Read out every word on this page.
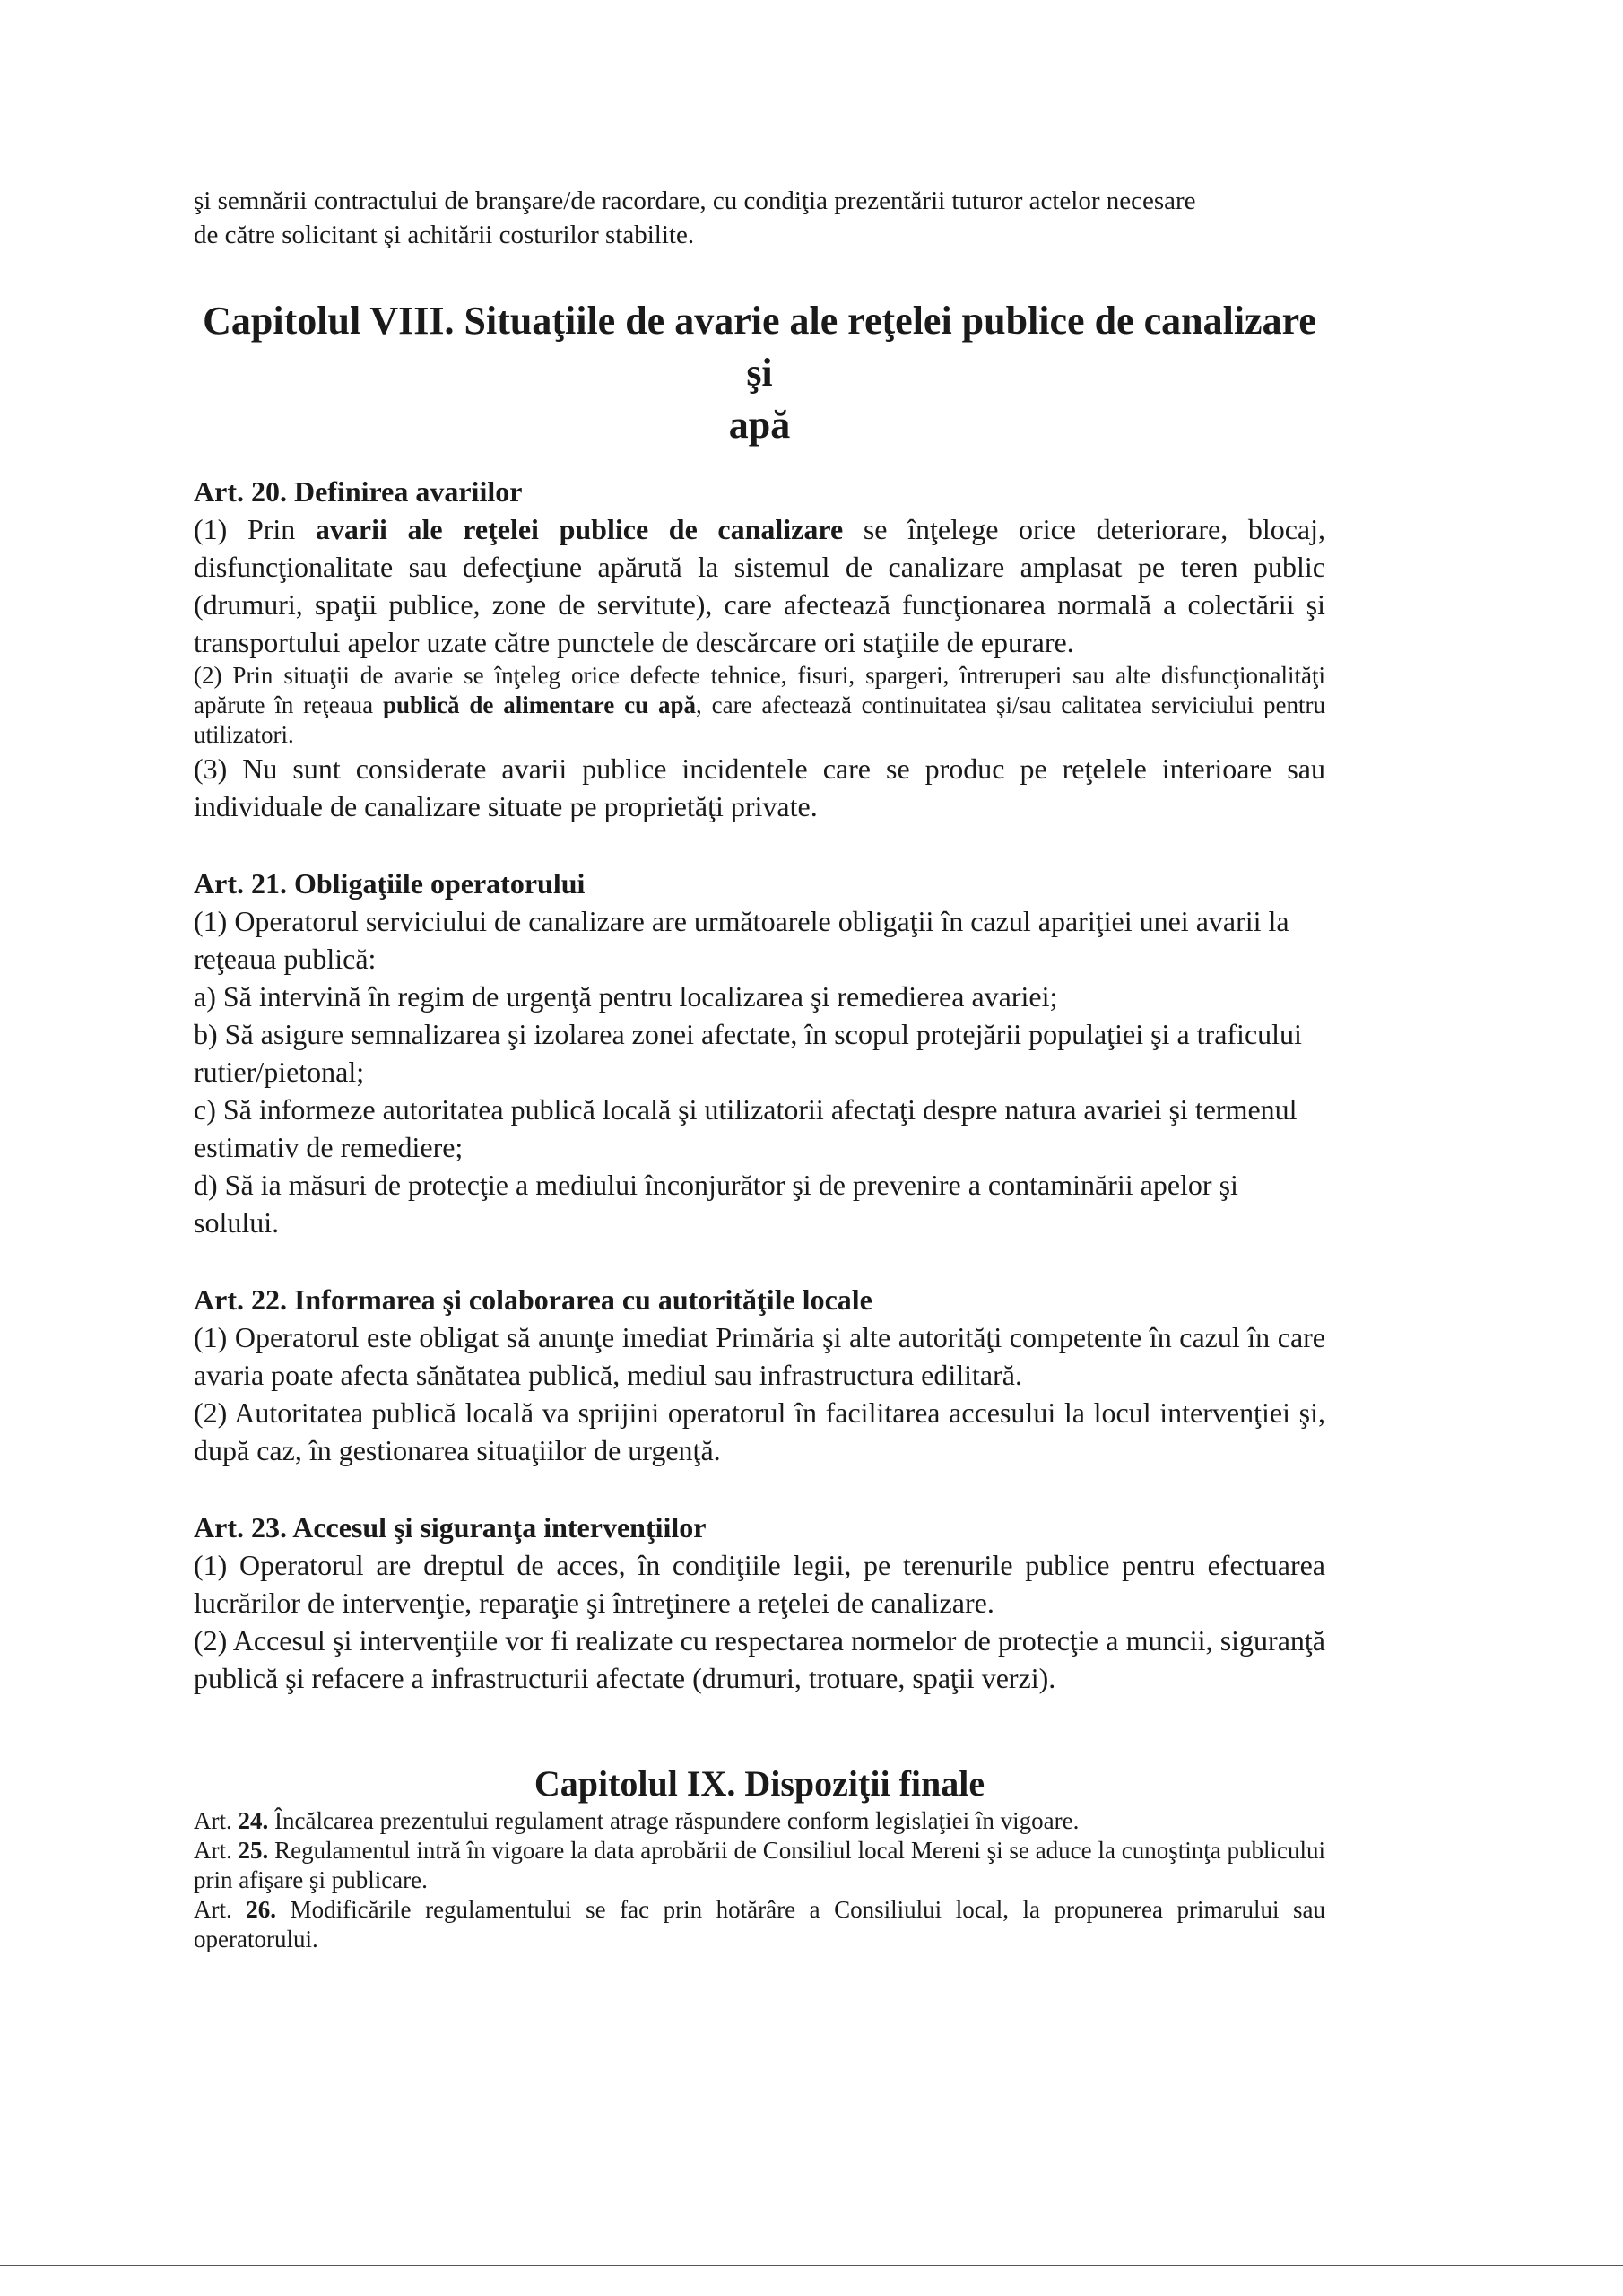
şi semnării contractului de branşare/de racordare, cu condiţia prezentării tuturor actelor necesare

de către solicitant şi achitării costurilor stabilite.

Capitolul VIII. Situaţiile de avarie ale reţelei publice de canalizare şi

apă

Art. 20. Definirea avariilor

(1) Prin avarii ale reţelei publice de canalizare se înţelege orice deteriorare, blocaj, disfuncţionalitate sau defecţiune apărută la sistemul de canalizare amplasat pe teren public (drumuri, spaţii publice, zone de servitute), care afectează funcţionarea normală a colectării şi transportului apelor uzate către punctele de descărcare ori staţiile de epurare.

(2) Prin situaţii de avarie se înţeleg orice defecte tehnice, fisuri, spargeri, întreruperi sau alte disfuncţionalităţi apărute în reţeaua publică de alimentare cu apă, care afectează continuitatea şi/sau calitatea serviciului pentru utilizatori.

(3) Nu sunt considerate avarii publice incidentele care se produc pe reţelele interioare sau individuale de canalizare situate pe proprietăţi private.

Art. 21. Obligaţiile operatorului

(1) Operatorul serviciului de canalizare are următoarele obligaţii în cazul apariţiei unei avarii la reţeaua publică:

a) Să intervină în regim de urgenţă pentru localizarea şi remedierea avariei;

b) Să asigure semnalizarea şi izolarea zonei afectate, în scopul protejării populaţiei şi a traficului rutier/pietonal;

c) Să informeze autoritatea publică locală şi utilizatorii afectaţi despre natura avariei şi termenul estimativ de remediere;

d) Să ia măsuri de protecţie a mediului înconjurător şi de prevenire a contaminării apelor şi solului.

Art. 22. Informarea şi colaborarea cu autorităţile locale

(1) Operatorul este obligat să anunţe imediat Primăria şi alte autorităţi competente în cazul în care avaria poate afecta sănătatea publică, mediul sau infrastructura edilitară.

(2) Autoritatea publică locală va sprijini operatorul în facilitarea accesului la locul intervenţiei şi, după caz, în gestionarea situaţiilor de urgenţă.

Art. 23. Accesul şi siguranţa intervenţiilor

(1) Operatorul are dreptul de acces, în condiţiile legii, pe terenurile publice pentru efectuarea lucrărilor de intervenţie, reparaţie şi întreţinere a reţelei de canalizare.

(2) Accesul şi intervenţiile vor fi realizate cu respectarea normelor de protecţie a muncii, siguranţă publică şi refacere a infrastructurii afectate (drumuri, trotuare, spaţii verzi).

Capitolul IX. Dispoziţii finale

Art. 24. Încălcarea prezentului regulament atrage răspundere conform legislaţiei în vigoare.

Art. 25. Regulamentul intră în vigoare la data aprobării de Consiliul local Mereni şi se aduce la cunoştinţa publicului prin afişare şi publicare.

Art. 26. Modificările regulamentului se fac prin hotărâre a Consiliului local, la propunerea primarului sau operatorului.
